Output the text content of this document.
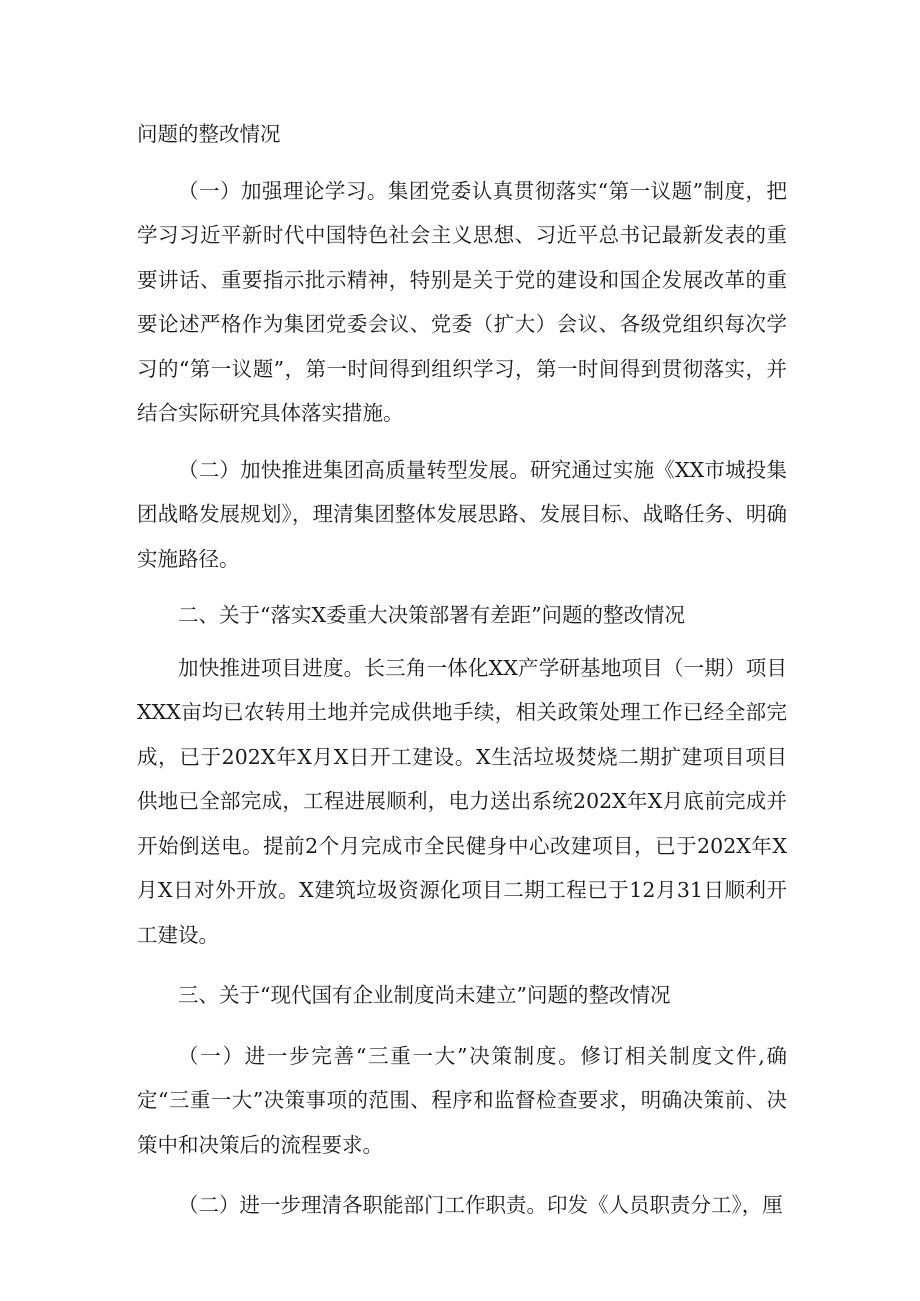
问题的整改情况

（一）加强理论学习。集团党委认真贯彻落实“第一议题”制度，把学习习近平新时代中国特色社会主义思想、习近平总书记最新发表的重要讲话、重要指示批示精神，特别是关于党的建设和国企发展改革的重要论述严格作为集团党委会议、党委（扩大）会议、各级党组织每次学习的“第一议题”，第一时间得到组织学习，第一时间得到贯彻落实，并结合实际研究具体落实措施。

（二）加快推进集团高质量转型发展。研究通过实施《XX市城投集团战略发展规划》，理清集团整体发展思路、发展目标、战略任务、明确实施路径。

二、关于“落实X委重大决策部署有差距”问题的整改情况

加快推进项目进度。长三角一体化XX产学研基地项目（一期）项目XXX亩均已农转用土地并完成供地手续，相关政策处理工作已经全部完成，已于202X年X月X日开工建设。X生活垃圾焚烧二期扩建项目项目供地已全部完成，工程进展顺利，电力送出系统202X年X月底前完成并开始倒送电。提前2个月完成市全民健身中心改建项目，已于202X年X月X日对外开放。X建筑垃圾资源化项目二期工程已于12月31日顺利开工建设。

三、关于“现代国有企业制度尚未建立”问题的整改情况

（一）进一步完善“三重一大”决策制度。修订相关制度文件,确定“三重一大”决策事项的范围、程序和监督检查要求，明确决策前、决策中和决策后的流程要求。

（二）进一步理清各职能部门工作职责。印发《人员职责分工》，厘
